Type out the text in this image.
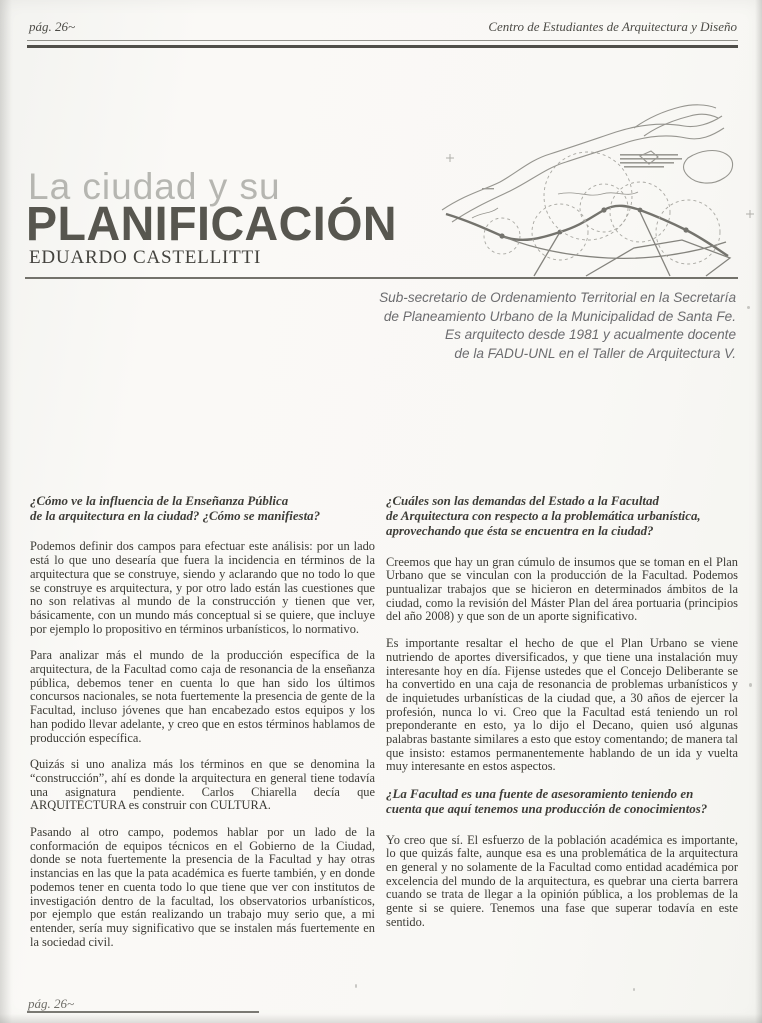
pág. 26~	Centro de Estudiantes de Arquitectura y Diseño
La ciudad y su
PLANIFICACIÓN
EDUARDO CASTELLITTI
Sub-secretario de Ordenamiento Territorial en la Secretaría
de Planeamiento Urbano de la Municipalidad de Santa Fe.
Es arquitecto desde 1981 y acualmente docente
de la FADU-UNL en el Taller de Arquitectura V.
¿Cómo ve la influencia de la Enseñanza Pública
de la arquitectura en la ciudad? ¿Cómo se manifiesta?

Podemos definir dos campos para efectuar este análisis: por un lado está lo que uno desearía que fuera la incidencia en términos de la arquitectura que se construye, siendo y aclarando que no todo lo que se construye es arquitectura, y por otro lado están las cuestiones que no son relativas al mundo de la construcción y tienen que ver, básicamente, con un mundo más conceptual si se quiere, que incluye por ejemplo lo propositivo en términos urbanísticos, lo normativo.

Para analizar más el mundo de la producción específica de la arquitectura, de la Facultad como caja de resonancia de la enseñanza pública, debemos tener en cuenta lo que han sido los últimos concursos nacionales, se nota fuertemente la presencia de gente de la Facultad, incluso jóvenes que han encabezado estos equipos y los han podido llevar adelante, y creo que en estos términos hablamos de producción específica.

Quizás si uno analiza más los términos en que se denomina la “construcción”, ahí es donde la arquitectura en general tiene todavía una asignatura pendiente. Carlos Chiarella decía que ARQUITECTURA es construir con CULTURA.

Pasando al otro campo, podemos hablar por un lado de la conformación de equipos técnicos en el Gobierno de la Ciudad, donde se nota fuertemente la presencia de la Facultad y hay otras instancias en las que la pata académica es fuerte también, y en donde podemos tener en cuenta todo lo que tiene que ver con institutos de investigación dentro de la facultad, los observatorios urbanísticos, por ejemplo que están realizando un trabajo muy serio que, a mi entender, sería muy significativo que se instalen más fuertemente en la sociedad civil.

¿Cuáles son las demandas del Estado a la Facultad
de Arquitectura con respecto a la problemática urbanística,
aprovechando que ésta se encuentra en la ciudad?

Creemos que hay un gran cúmulo de insumos que se toman en el Plan Urbano que se vinculan con la producción de la Facultad. Podemos puntualizar trabajos que se hicieron en determinados ámbitos de la ciudad, como la revisión del Máster Plan del área portuaria (principios del año 2008) y que son de un aporte significativo.

Es importante resaltar el hecho de que el Plan Urbano se viene nutriendo de aportes diversificados, y que tiene una instalación muy interesante hoy en día. Fijense ustedes que el Concejo Deliberante se ha convertido en una caja de resonancia de problemas urbanísticos y de inquietudes urbanísticas de la ciudad que, a 30 años de ejercer la profesión, nunca lo vi. Creo que la Facultad está teniendo un rol preponderante en esto, ya lo dijo el Decano, quien usó algunas palabras bastante similares a esto que estoy comentando; de manera tal que insisto: estamos permanentemente hablando de un ida y vuelta muy interesante en estos aspectos.

¿La Facultad es una fuente de asesoramiento teniendo en
cuenta que aquí tenemos una producción de conocimientos?

Yo creo que sí. El esfuerzo de la población académica es importante, lo que quizás falte, aunque esa es una problemática de la arquitectura en general y no solamente de la Facultad como entidad académica por excelencia del mundo de la arquitectura, es quebrar una cierta barrera cuando se trata de llegar a la opinión pública, a los problemas de la gente si se quiere. Tenemos una fase que superar todavía en este sentido.

pág. 26~
